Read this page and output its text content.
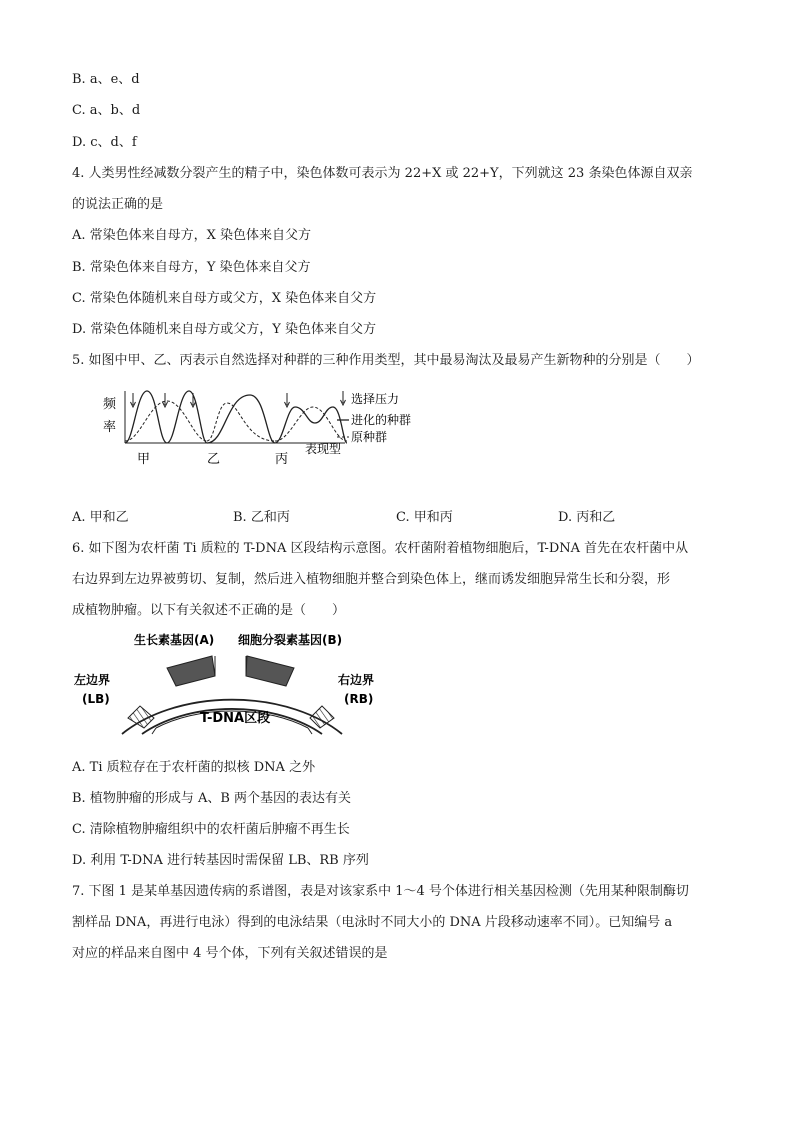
B. a、e、d
C. a、b、d
D. c、d、f
4. 人类男性经减数分裂产生的精子中，染色体数可表示为 22+X 或 22+Y，下列就这 23 条染色体源自双亲
的说法正确的是
A. 常染色体来自母方，X 染色体来自父方
B. 常染色体来自母方，Y 染色体来自父方
C. 常染色体随机来自母方或父方，X 染色体来自父方
D. 常染色体随机来自母方或父方，Y 染色体来自父方
5. 如图中甲、乙、丙表示自然选择对种群的三种作用类型，其中最易淘汰及最易产生新物种的分别是（　　）
频
率
选择压力
进化的种群
原种群
表现型
甲	乙	丙
A. 甲和乙	B. 乙和丙	C. 甲和丙	D. 丙和乙
6. 如下图为农杆菌 Ti 质粒的 T-DNA 区段结构示意图。农杆菌附着植物细胞后，T-DNA 首先在农杆菌中从
右边界到左边界被剪切、复制，然后进入植物细胞并整合到染色体上，继而诱发细胞异常生长和分裂，形
成植物肿瘤。以下有关叙述不正确的是（　　）
生长素基因(A) 细胞分裂素基因(B)
左边界
(LB)
右边界
(RB)
T-DNA区段
A. Ti 质粒存在于农杆菌的拟核 DNA 之外
B. 植物肿瘤的形成与 A、B 两个基因的表达有关
C. 清除植物肿瘤组织中的农杆菌后肿瘤不再生长
D. 利用 T-DNA 进行转基因时需保留 LB、RB 序列
7. 下图 1 是某单基因遗传病的系谱图，表是对该家系中 1～4 号个体进行相关基因检测（先用某种限制酶切
割样品 DNA，再进行电泳）得到的电泳结果（电泳时不同大小的 DNA 片段移动速率不同）。已知编号 a
对应的样品来自图中 4 号个体，下列有关叙述错误的是
